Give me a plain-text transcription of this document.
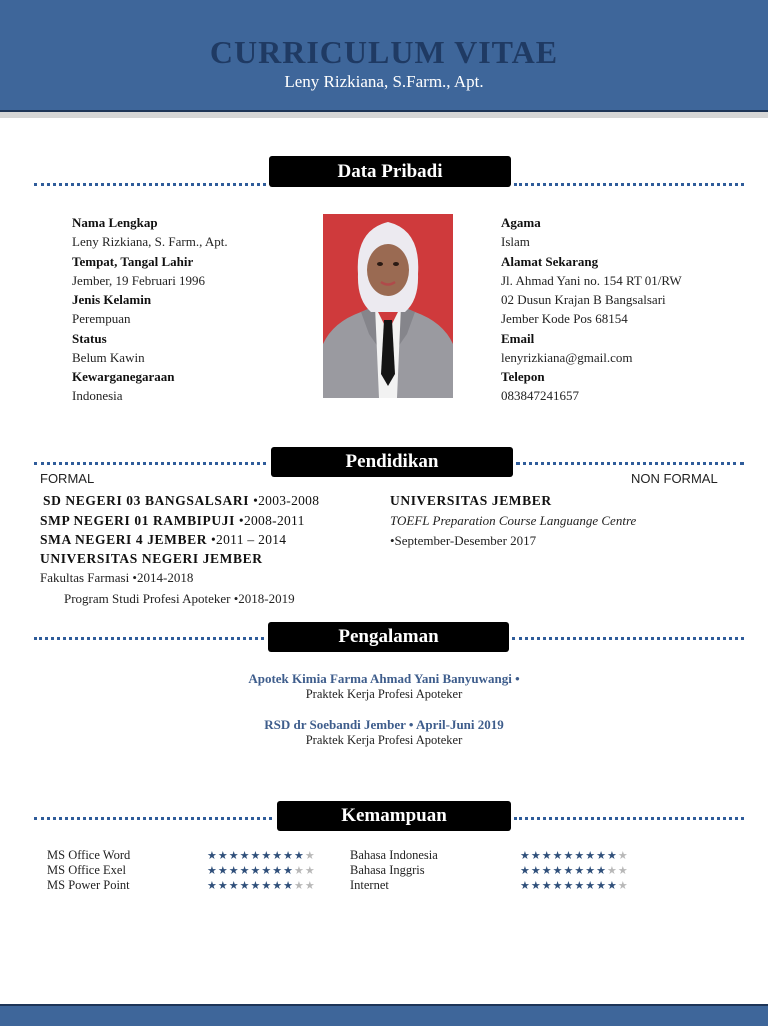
CURRICULUM VITAE
Leny Rizkiana, S.Farm., Apt.
Data Pribadi
Nama Lengkap
Leny Rizkiana, S. Farm., Apt.
Tempat, Tangal Lahir
Jember, 19 Februari 1996
Jenis Kelamin
Perempuan
Status
Belum Kawin
Kewarganegaraan
Indonesia
Agama
Islam
Alamat Sekarang
Jl. Ahmad Yani no. 154 RT 01/RW
02 Dusun Krajan B Bangsalsari
Jember Kode Pos 68154
Email
lenyrizkiana@gmail.com
Telepon
083847241657
Pendidikan
FORMAL	NON FORMAL
SD NEGERI 03 BANGSALSARI •2003-2008
SMP NEGERI 01 RAMBIPUJI •2008-2011
SMA NEGERI 4 JEMBER •2011 – 2014
UNIVERSITAS NEGERI JEMBER
Fakultas Farmasi •2014-2018
Program Studi Profesi Apoteker •2018-2019
UNIVERSITAS JEMBER
TOEFL Preparation Course Languange Centre
•September-Desember 2017
Pengalaman
Apotek Kimia Farma Ahmad Yani Banyuwangi •
Praktek Kerja Profesi Apoteker
RSD dr Soebandi Jember • April-Juni 2019
Praktek Kerja Profesi Apoteker
Kemampuan
MS Office Word
MS Office Exel
MS Power Point
★★★★★★★★★★
★★★★★★★★★★
★★★★★★★★★★
Bahasa Indonesia
Bahasa Inggris
Internet
★★★★★★★★★★
★★★★★★★★★★
★★★★★★★★★★
